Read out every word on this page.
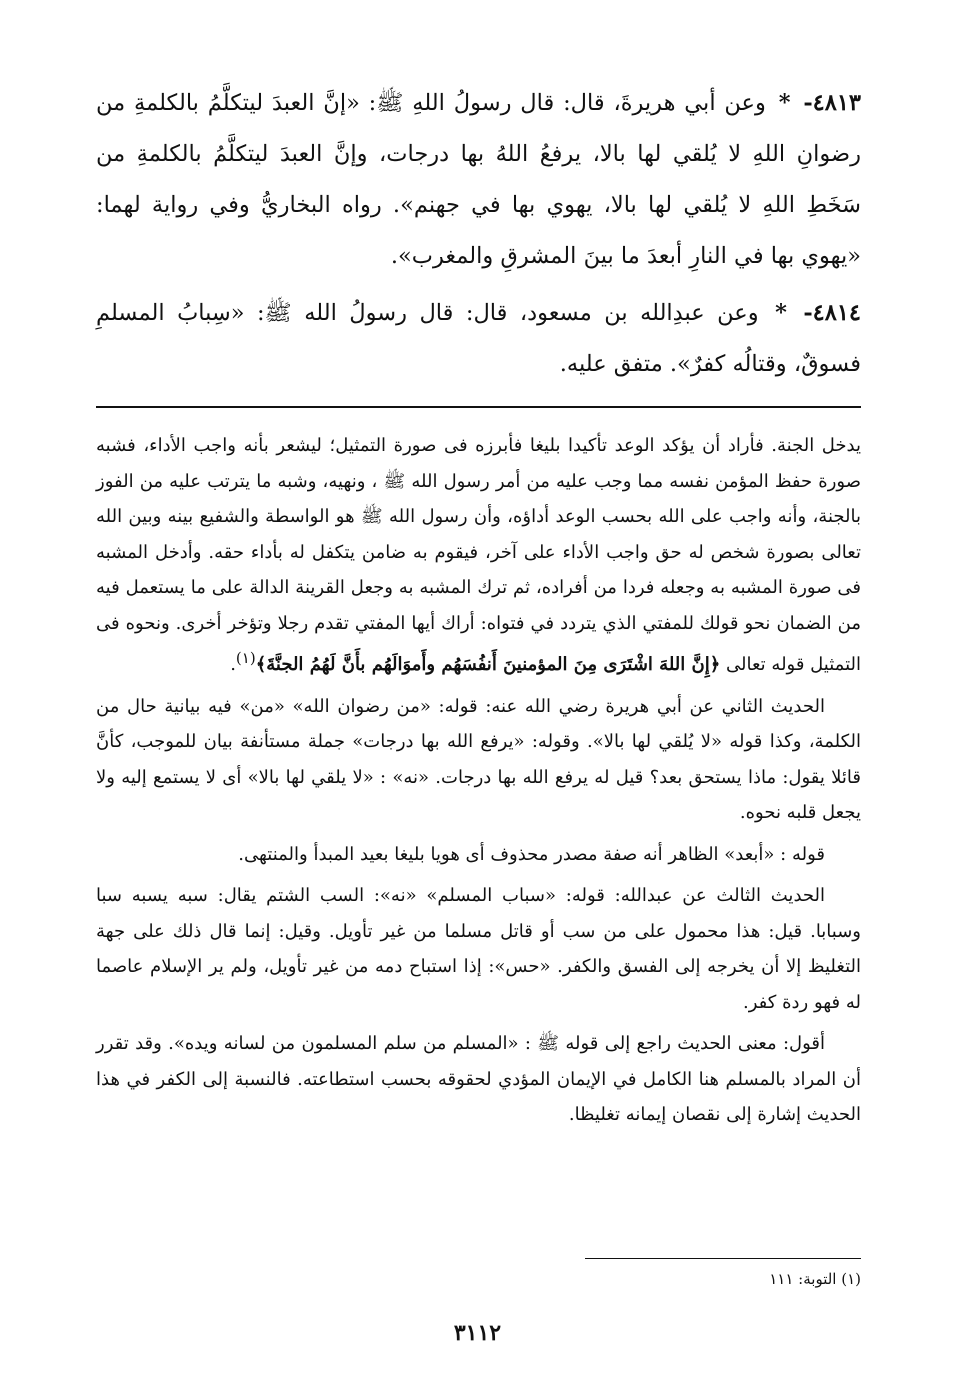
٤٨١٣- * وعن أبي هريرةَ، قال: قال رسولُ اللهِ ﷺ: «إنَّ العبدَ ليتكلَّمُ بالكلمةِ من رضوانِ اللهِ لا يُلقي لها بالا، يرفعُ اللهُ بها درجات، وإنَّ العبدَ ليتكلَّمُ بالكلمةِ من سَخَطِ اللهِ لا يُلقي لها بالا، يهوي بها في جهنم». رواه البخاريُّ وفي رواية لهما: «يهوي بها في النارِ أبعدَ ما بينَ المشرقِ والمغرب».

٤٨١٤- * وعن عبدِالله بن مسعود، قال: قال رسولُ الله ﷺ: «سِبابُ المسلمِ فسوقٌ، وقتالُه كفرٌ». متفق عليه.

يدخل الجنة. فأراد أن يؤكد الوعد تأكيدا بليغا فأبرزه فى صورة التمثيل؛ ليشعر بأنه واجب الأداء، فشبه صورة حفظ المؤمن نفسه مما وجب عليه من أمر رسول الله ﷺ ، ونهيه، وشبه ما يترتب عليه من الفوز بالجنة، وأنه واجب على الله بحسب الوعد أداؤه، وأن رسول الله ﷺ هو الواسطة والشفيع بينه وبين الله تعالى بصورة شخص له حق واجب الأداء على آخر، فيقوم به ضامن يتكفل له بأداء حقه. وأدخل المشبه فى صورة المشبه به وجعله فردا من أفراده، ثم ترك المشبه به وجعل القرينة الدالة على ما يستعمل فيه من الضمان نحو قولك للمفتي الذي يتردد في فتواه: أراك أيها المفتي تقدم رجلا وتؤخر أخرى. ونحوه فى التمثيل قوله تعالى ﴿إِنَّ اللهَ اشْتَرَى مِنَ المؤمنينَ أَنفُسَهُم وأَموَالَهُم بأَنَّ لَهُمُ الجنَّةَ﴾$^{(١)}$.

الحديث الثاني عن أبي هريرة رضي الله عنه: قوله: «من رضوان الله» «من» فيه بيانية حال من الكلمة، وكذا قوله «لا يُلقي لها بالا». وقوله: «يرفع الله بها درجات» جملة مستأنفة بيان للموجب، كأنَّ قائلا يقول: ماذا يستحق بعد؟ قيل له يرفع الله بها درجات. «نه» : «لا يلقي لها بالا» أى لا يستمع إليه ولا يجعل قلبه نحوه.

قوله : «أبعد» الظاهر أنه صفة مصدر محذوف أى هويا بليغا بعيد المبدأ والمنتهى.

الحديث الثالث عن عبدالله: قوله: «سباب المسلم» «نه»: السب الشتم يقال: سبه يسبه سبا وسبابا. قيل: هذا محمول على من سب أو قاتل مسلما من غير تأويل. وقيل: إنما قال ذلك على جهة التغليظ إلا أن يخرجه إلى الفسق والكفر. «حس»: إذا استباح دمه من غير تأويل، ولم ير الإسلام عاصما له فهو ردة كفر.

أقول: معنى الحديث راجع إلى قوله ﷺ : «المسلم من سلم المسلمون من لسانه ويده». وقد تقرر أن المراد بالمسلم هنا الكامل في الإيمان المؤدي لحقوقه بحسب استطاعته. فالنسبة إلى الكفر في هذا الحديث إشارة إلى نقصان إيمانه تغليظا.

(١) التوبة: ١١١
٣١١٢
